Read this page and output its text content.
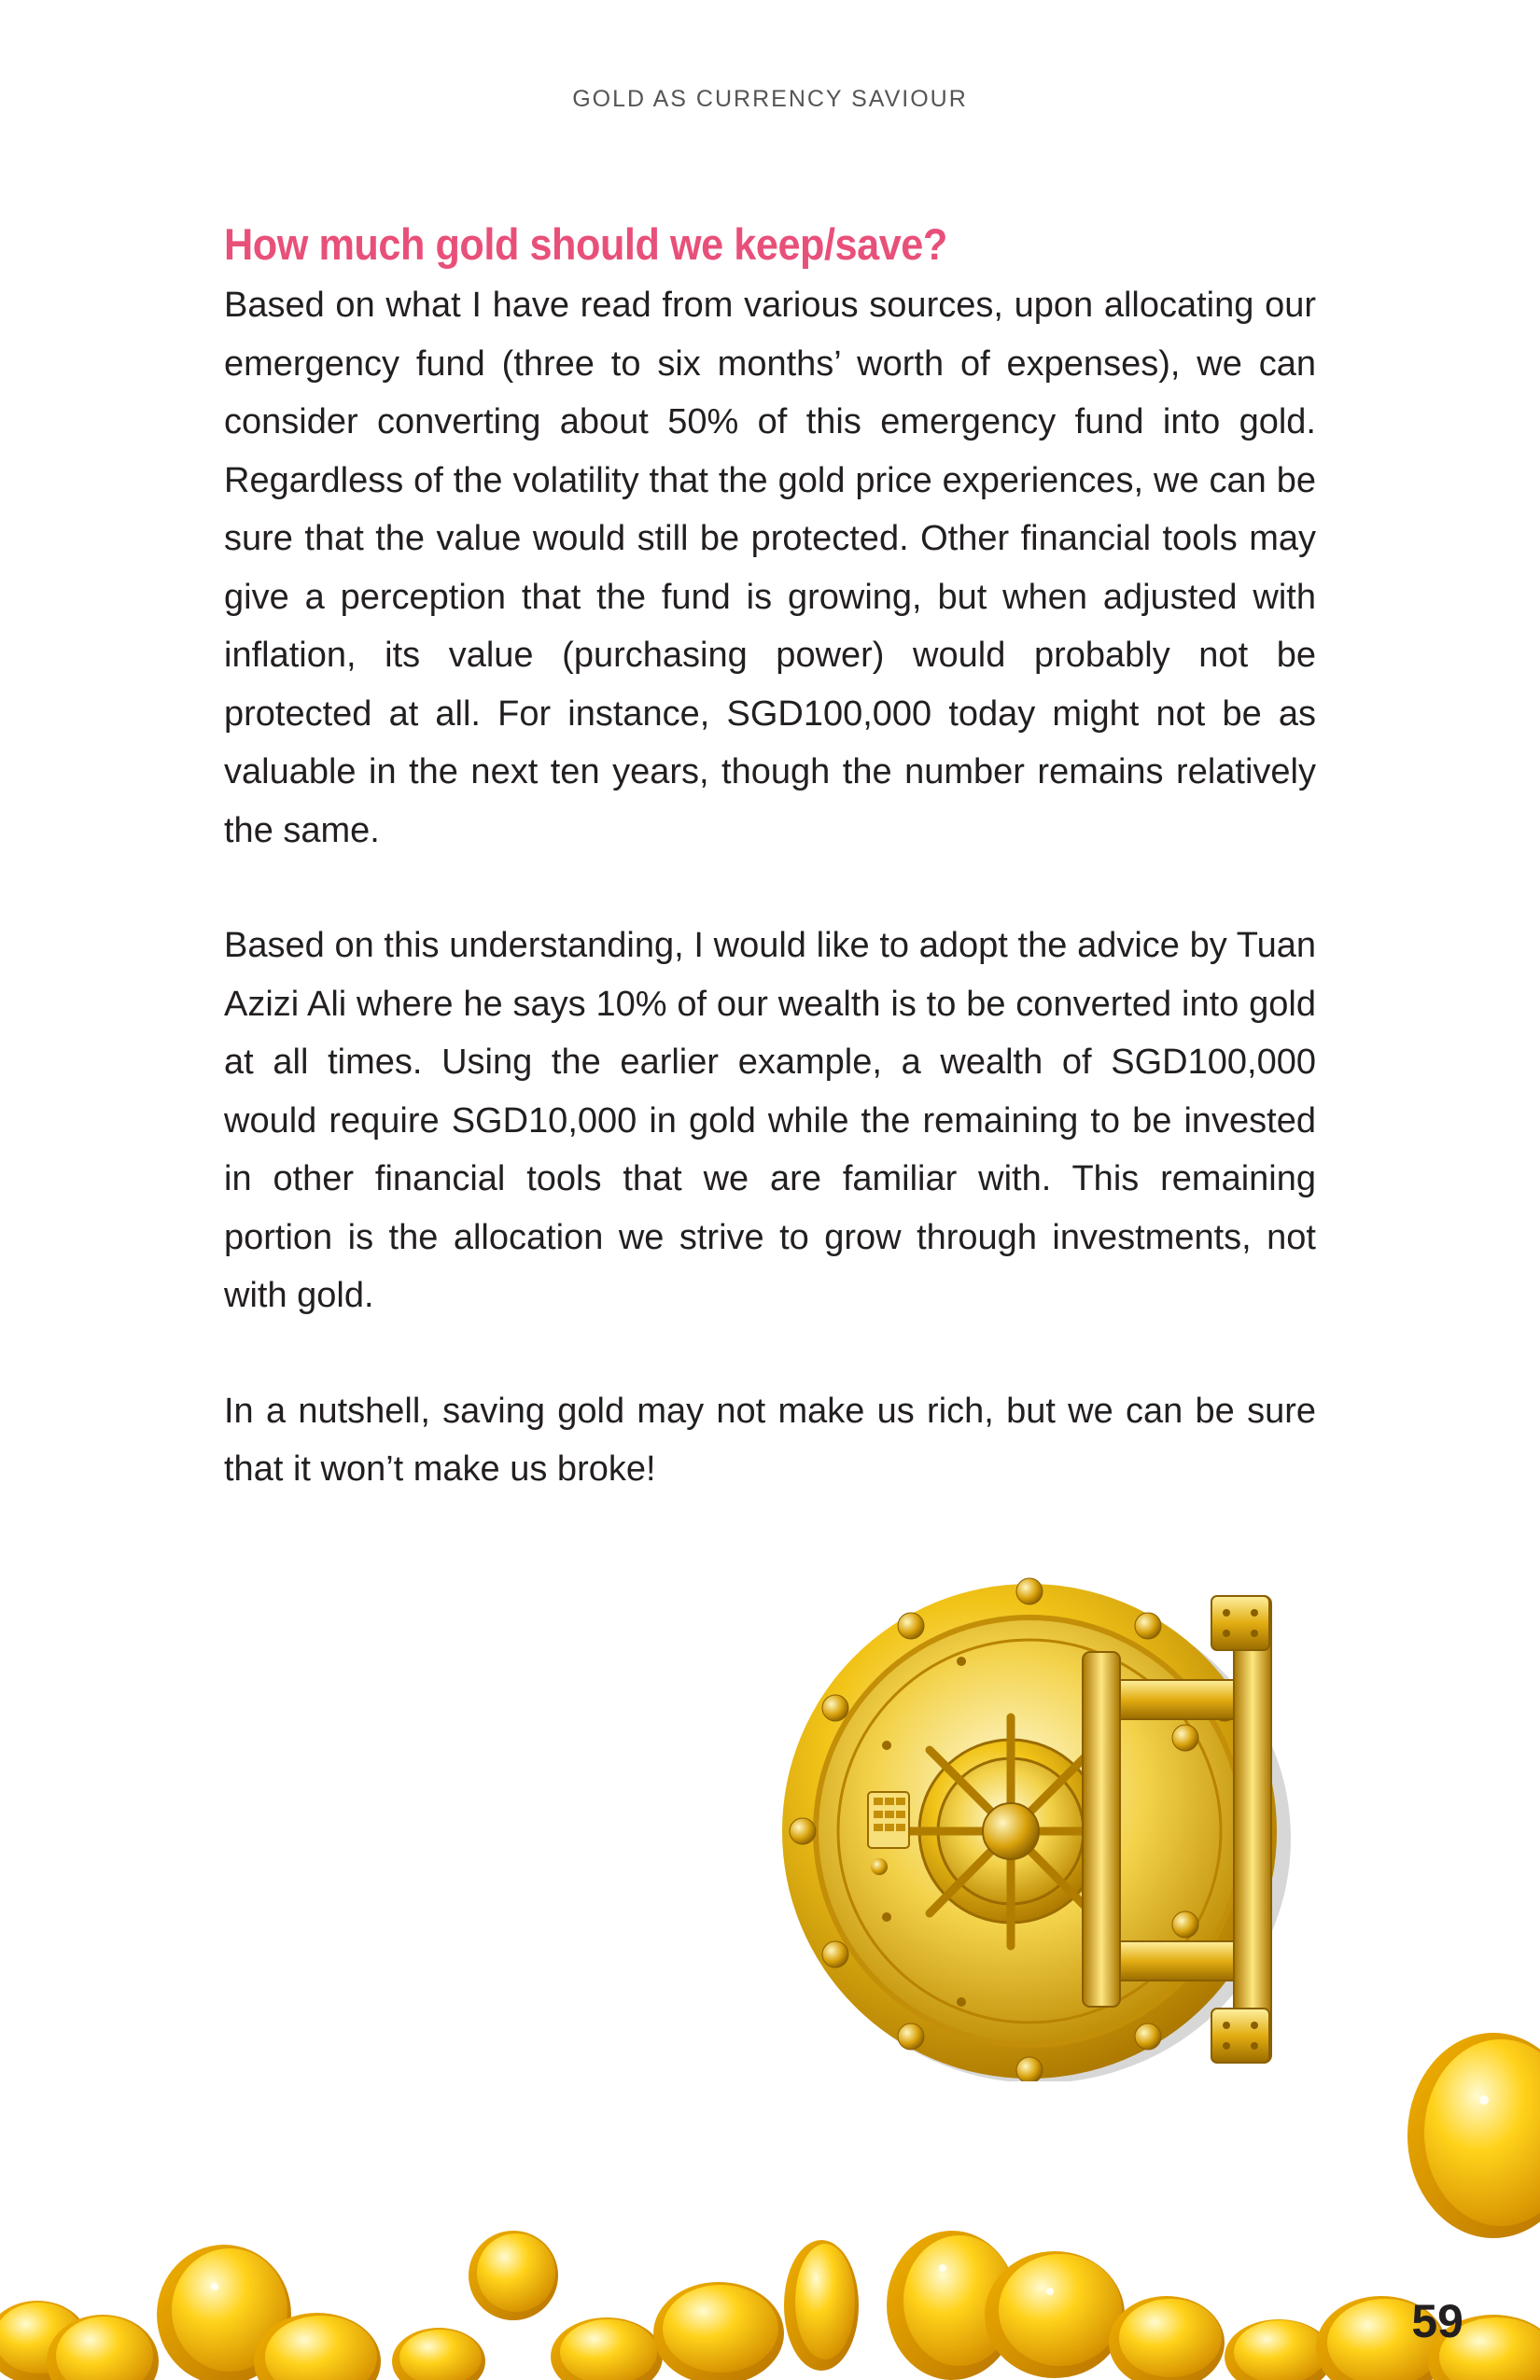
GOLD AS CURRENCY SAVIOUR
How much gold should we keep/save?

Based on what I have read from various sources, upon allocating our emergency fund (three to six months’ worth of expenses), we can consider converting about 50% of this emergency fund into gold. Regardless of the volatility that the gold price experiences, we can be sure that the value would still be protected. Other financial tools may give a perception that the fund is growing, but when adjusted with inflation, its value (purchasing power) would probably not be protected at all. For instance, SGD100,000 today might not be as valuable in the next ten years, though the number remains relatively the same.

Based on this understanding, I would like to adopt the advice by Tuan Azizi Ali where he says 10% of our wealth is to be converted into gold at all times. Using the earlier example, a wealth of SGD100,000 would require SGD10,000 in gold while the remaining to be invested in other financial tools that we are familiar with. This remaining portion is the allocation we strive to grow through investments, not with gold.

In a nutshell, saving gold may not make us rich, but we can be sure that it won’t make us broke!

59
